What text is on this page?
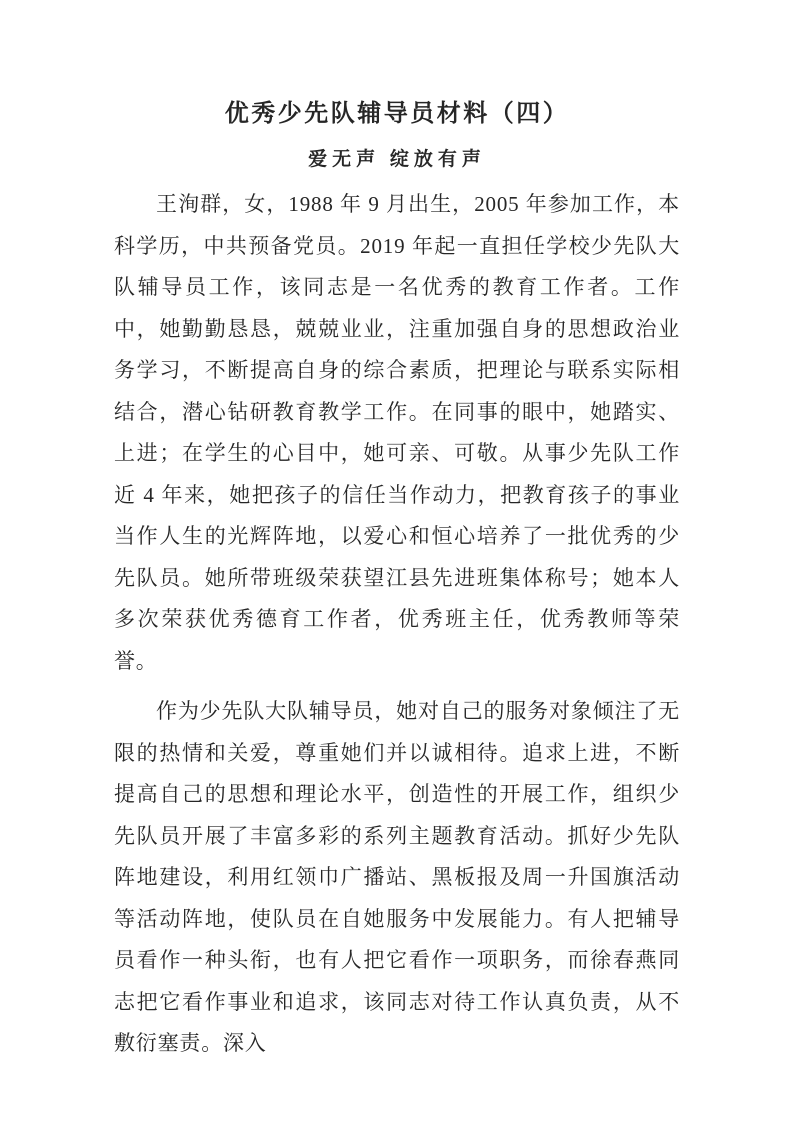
优秀少先队辅导员材料（四）
爱无声 绽放有声

王洵群，女，1988 年 9 月出生，2005 年参加工作，本科学历，中共预备党员。2019 年起一直担任学校少先队大队辅导员工作，该同志是一名优秀的教育工作者。工作中，她勤勤恳恳，兢兢业业，注重加强自身的思想政治业务学习，不断提高自身的综合素质，把理论与联系实际相结合，潜心钻研教育教学工作。在同事的眼中，她踏实、上进；在学生的心目中，她可亲、可敬。从事少先队工作近 4 年来，她把孩子的信任当作动力，把教育孩子的事业当作人生的光辉阵地，以爱心和恒心培养了一批优秀的少先队员。她所带班级荣获望江县先进班集体称号；她本人多次荣获优秀德育工作者，优秀班主任，优秀教师等荣誉。

作为少先队大队辅导员，她对自己的服务对象倾注了无限的热情和关爱，尊重她们并以诚相待。追求上进，不断提高自己的思想和理论水平，创造性的开展工作，组织少先队员开展了丰富多彩的系列主题教育活动。抓好少先队阵地建设，利用红领巾广播站、黑板报及周一升国旗活动等活动阵地，使队员在自她服务中发展能力。有人把辅导员看作一种头衔，也有人把它看作一项职务，而徐春燕同志把它看作事业和追求，该同志对待工作认真负责，从不敷衍塞责。深入
